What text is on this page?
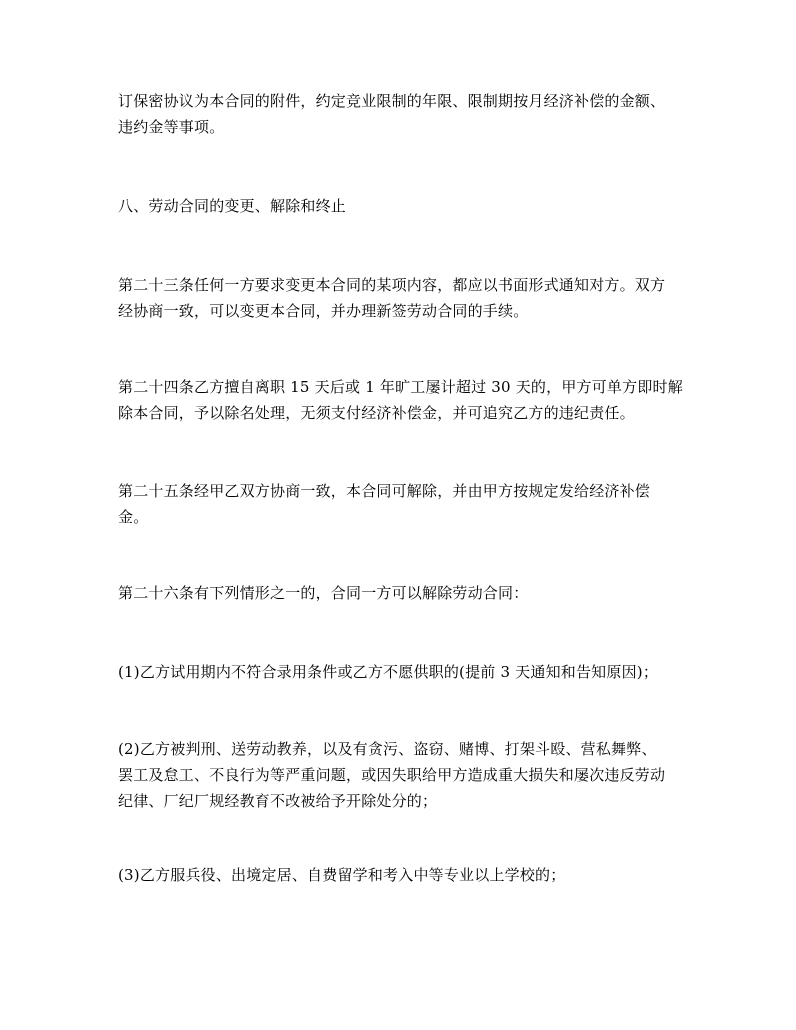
订保密协议为本合同的附件，约定竞业限制的年限、限制期按月经济补偿的金额、
违约金等事项。

八、劳动合同的变更、解除和终止

第二十三条任何一方要求变更本合同的某项内容，都应以书面形式通知对方。双方
经协商一致，可以变更本合同，并办理新签劳动合同的手续。

第二十四条乙方擅自离职 15 天后或 1 年旷工屡计超过 30 天的，甲方可单方即时解
除本合同，予以除名处理，无须支付经济补偿金，并可追究乙方的违纪责任。

第二十五条经甲乙双方协商一致，本合同可解除，并由甲方按规定发给经济补偿
金。

第二十六条有下列情形之一的，合同一方可以解除劳动合同：

(1)乙方试用期内不符合录用条件或乙方不愿供职的(提前 3 天通知和告知原因)；

(2)乙方被判刑、送劳动教养，以及有贪污、盗窃、赌博、打架斗殴、营私舞弊、
罢工及怠工、不良行为等严重问题，或因失职给甲方造成重大损失和屡次违反劳动
纪律、厂纪厂规经教育不改被给予开除处分的；

(3)乙方服兵役、出境定居、自费留学和考入中等专业以上学校的；
